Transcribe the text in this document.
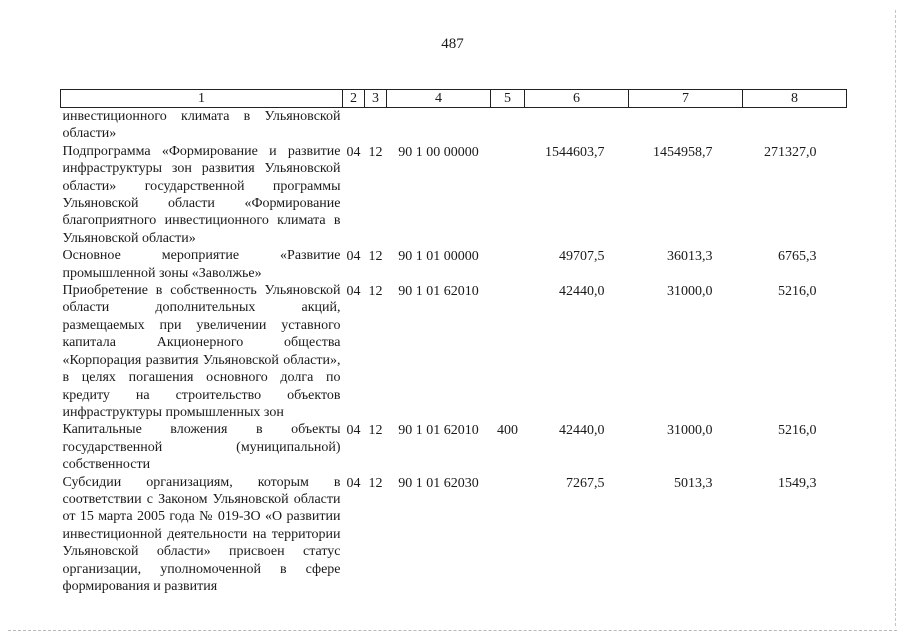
487
1	2	3	4	5	6	7	8
инвестиционного климата в Ульяновской области»							
Подпрограмма «Формирование и развитие инфраструктуры зон развития Ульяновской области» государственной программы Ульяновской области «Формирование благоприятного инвестиционного климата в Ульяновской области»	04	12	90 1 00 00000		1544603,7	1454958,7	271327,0
Основное мероприятие «Развитие промышленной зоны «Заволжье»	04	12	90 1 01 00000		49707,5	36013,3	6765,3
Приобретение в собственность Ульяновской области дополнительных акций, размещаемых при увеличении уставного капитала Акционерного общества «Корпорация развития Ульяновской области», в целях погашения основного долга по кредиту на строительство объектов инфраструктуры промышленных зон	04	12	90 1 01 62010		42440,0	31000,0	5216,0
Капитальные вложения в объекты государственной (муниципальной) собственности	04	12	90 1 01 62010	400	42440,0	31000,0	5216,0
Субсидии организациям, которым в соответствии с Законом Ульяновской области от 15 марта 2005 года № 019-ЗО «О развитии инвестиционной деятельности на территории Ульяновской области» присвоен статус организации, уполномоченной в сфере формирования и развития	04	12	90 1 01 62030		7267,5	5013,3	1549,3
